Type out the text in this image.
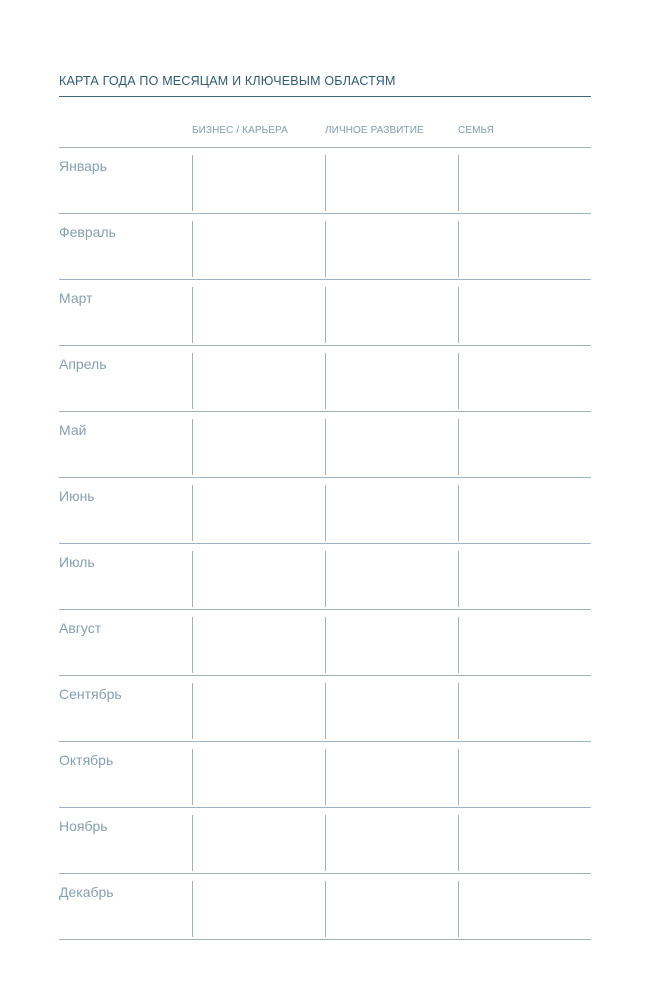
КАРТА ГОДА ПО МЕСЯЦАМ И КЛЮЧЕВЫМ ОБЛАСТЯМ
БИЗНЕС / КАРЬЕРА	ЛИЧНОЕ РАЗВИТИЕ	СЕМЬЯ
Январь
Февраль
Март
Апрель
Май
Июнь
Июль
Август
Сентябрь
Октябрь
Ноябрь
Декабрь
